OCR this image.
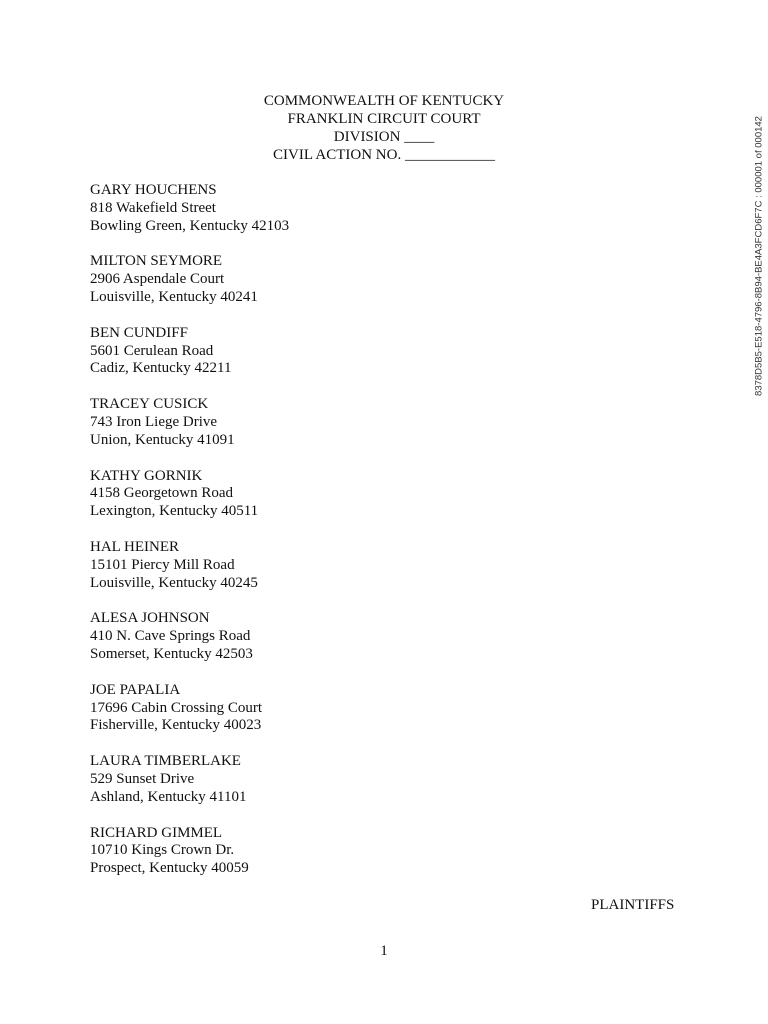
COMMONWEALTH OF KENTUCKY
FRANKLIN CIRCUIT COURT
DIVISION ____
CIVIL ACTION NO. ____________
GARY HOUCHENS
818 Wakefield Street
Bowling Green, Kentucky 42103
MILTON SEYMORE
2906 Aspendale Court
Louisville, Kentucky 40241
BEN CUNDIFF
5601 Cerulean Road
Cadiz, Kentucky 42211
TRACEY CUSICK
743 Iron Liege Drive
Union, Kentucky 41091
KATHY GORNIK
4158 Georgetown Road
Lexington, Kentucky 40511
HAL HEINER
15101 Piercy Mill Road
Louisville, Kentucky 40245
ALESA JOHNSON
410 N. Cave Springs Road
Somerset, Kentucky 42503
JOE PAPALIA
17696 Cabin Crossing Court
Fisherville, Kentucky 40023
LAURA TIMBERLAKE
529 Sunset Drive
Ashland, Kentucky 41101
RICHARD GIMMEL
10710 Kings Crown Dr.
Prospect, Kentucky 40059
PLAINTIFFS
1
8378D5B5-E518-4796-8B94-BE4A3FCD6F7C : 000001 of 000142
